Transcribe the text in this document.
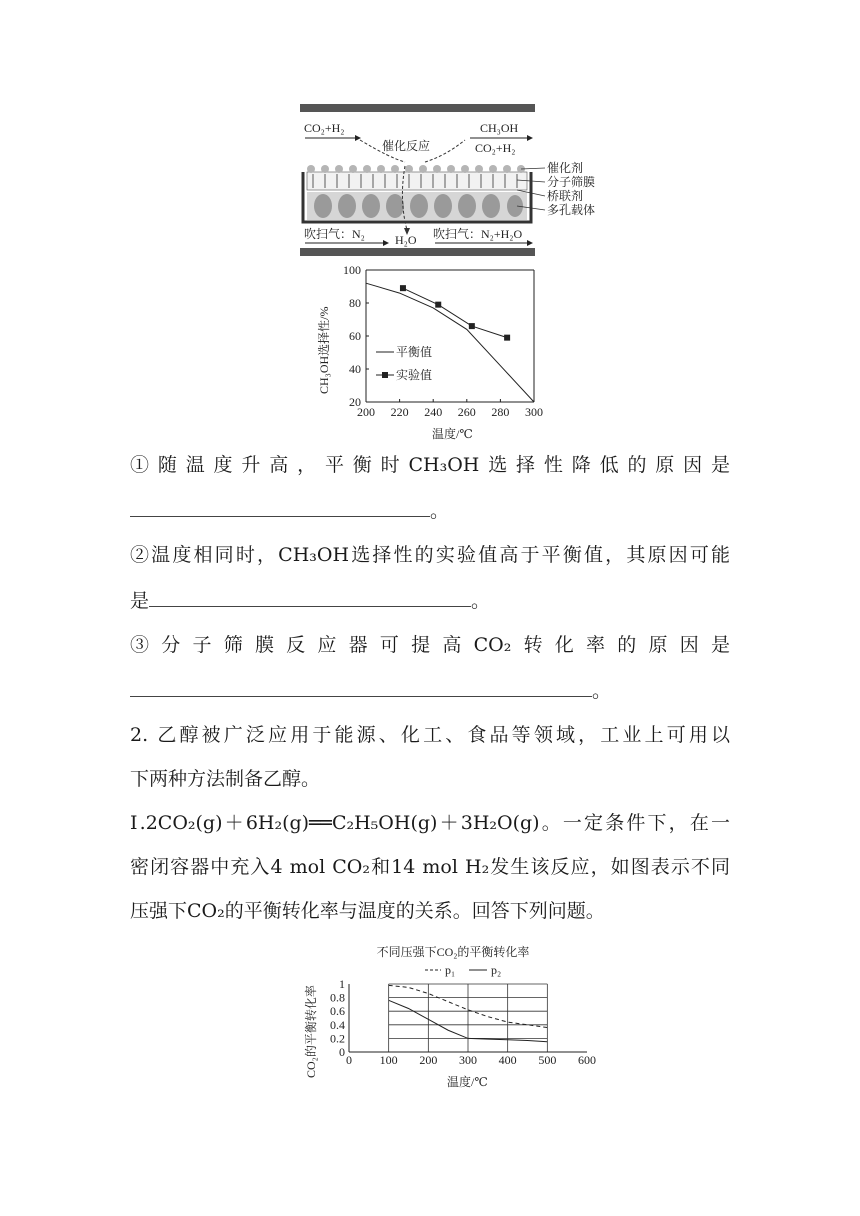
CO₂+H₂
催化反应
CH₃OH
CO₂+H₂
催化剂
分子筛膜
桥联剂
多孔载体
吹扫气：N₂	H₂O 吹扫气：N₂+H₂O
200 220 240 260 280 300
20
40
60
80
100
平衡值
实验值
温度/℃
CH₃OH选择性/%
①随温度升高，平衡时CH₃OH选择性降低的原因是
。
②温度相同时，CH₃OH选择性的实验值高于平衡值，其原因可能
是	。
③分子筛膜反应器可提高CO₂转化率的原因是
。
2. 乙醇被广泛应用于能源、化工、食品等领域，工业上可用以
下两种方法制备乙醇。
Ⅰ.2CO₂(g)＋6H₂(g)══C₂H₅OH(g)＋3H₂O(g)。一定条件下，在一
密闭容器中充入4 mol CO₂和14 mol H₂发生该反应，如图表示不同
压强下CO₂的平衡转化率与温度的关系。回答下列问题。
不同压强下CO₂的平衡转化率
p₁	p₂
0 100 200 300 400 500 600
0
0.2
0.4
0.6
0.8
1
温度/℃
CO₂的平衡转化率
